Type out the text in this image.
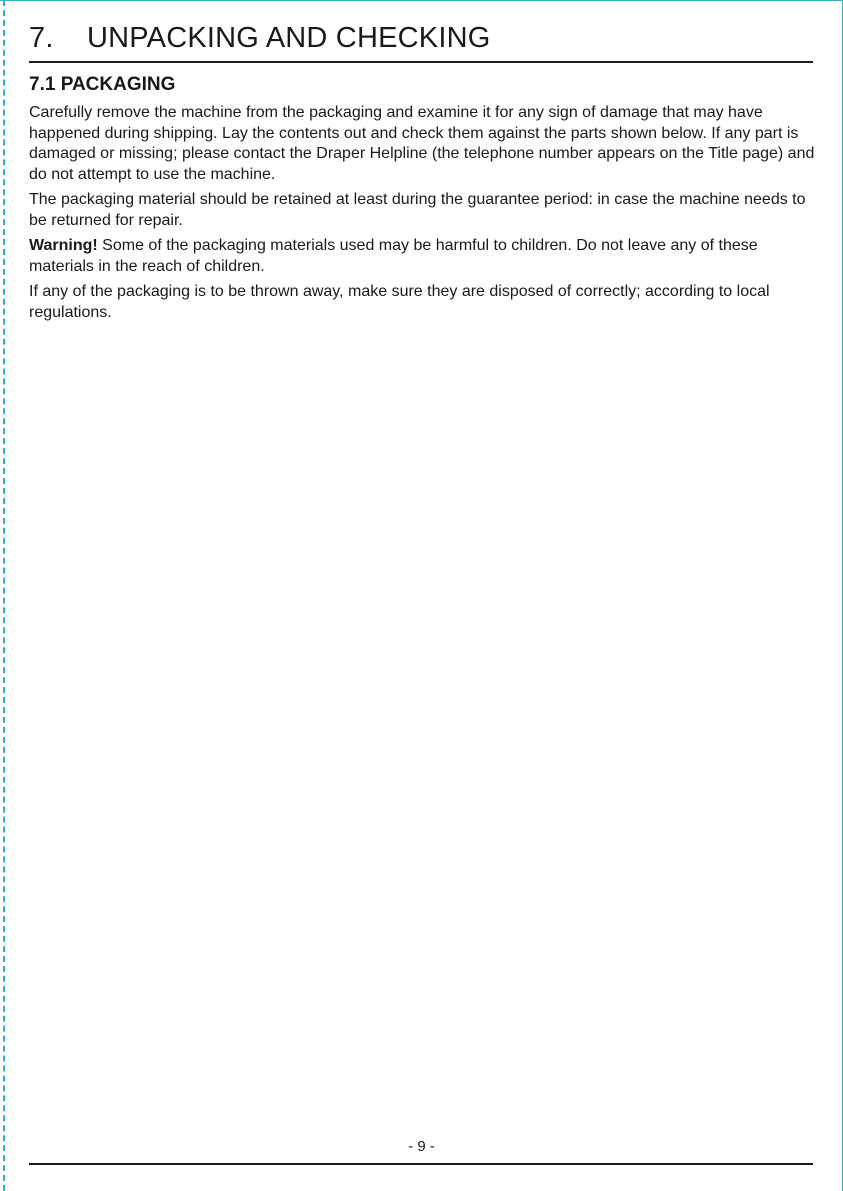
7. UNPACKING AND CHECKING
7.1 PACKAGING

Carefully remove the machine from the packaging and examine it for any sign of damage that may have happened during shipping. Lay the contents out and check them against the parts shown below. If any part is damaged or missing; please contact the Draper Helpline (the telephone number appears on the Title page) and do not attempt to use the machine.

The packaging material should be retained at least during the guarantee period: in case the machine needs to be returned for repair.

Warning! Some of the packaging materials used may be harmful to children. Do not leave any of these materials in the reach of children.

If any of the packaging is to be thrown away, make sure they are disposed of correctly; according to local regulations.

- 9 -
